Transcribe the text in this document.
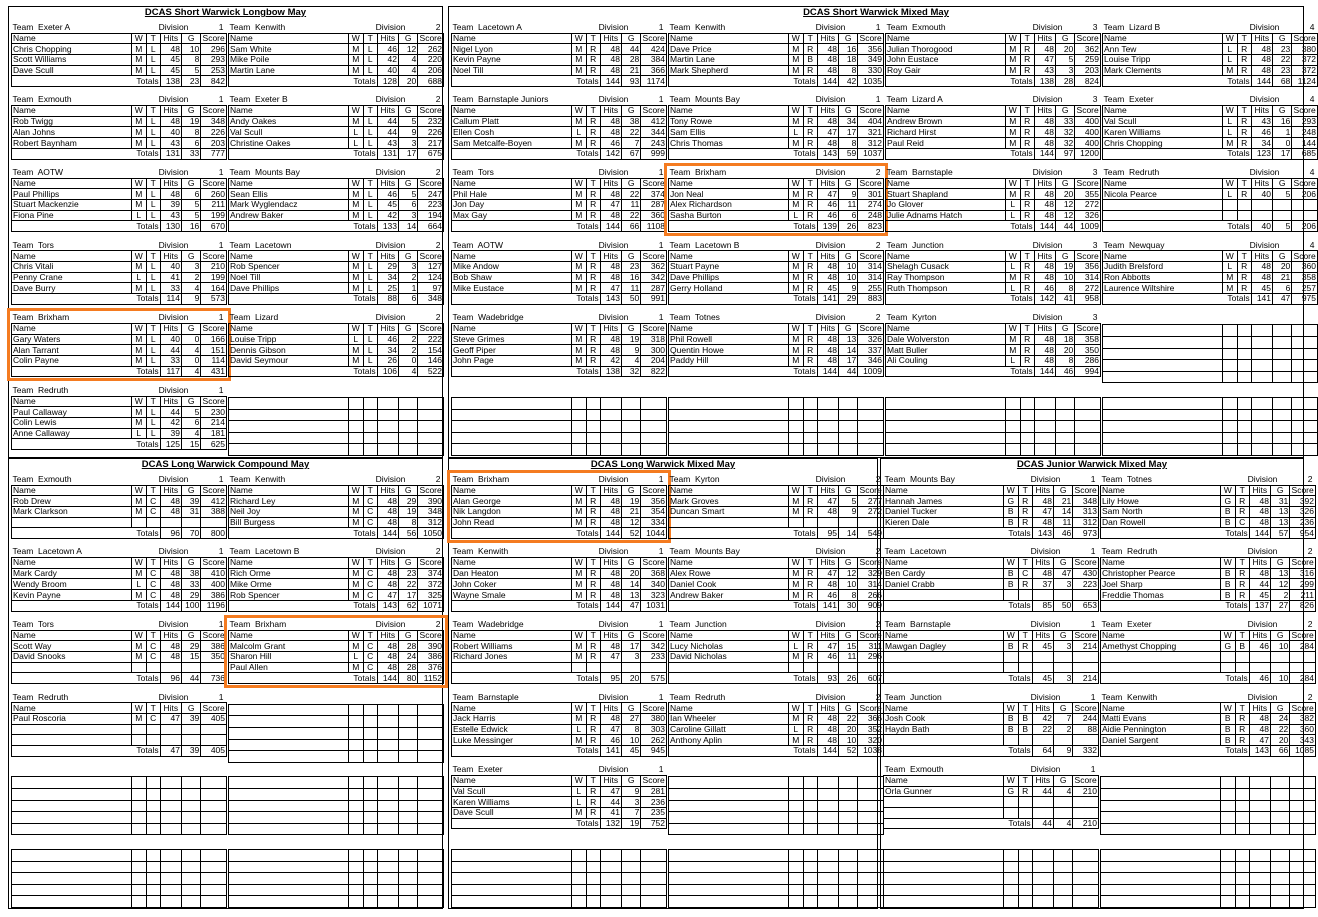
DCAS Short Warwick Longbow May
Team Exeter A		Division			1
Name	W	T	Hits	G	Score
Chris Chopping	M	L	48	10	296
Scott Williams	M	L	45	8	293
Dave Scull	M	L	45	5	253
Totals			138	23	842
Team Exmouth		Division			1
Name	W	T	Hits	G	Score
Rob Twigg	M	L	48	19	348
Alan Johns	M	L	40	8	226
Robert Baynham	M	L	43	6	203
Totals			131	33	777
Team AOTW		Division			1
Name	W	T	Hits	G	Score
Paul Phillips	M	L	48	6	260
Stuart Mackenzie	M	L	39	5	211
Fiona Pine	L	L	43	5	199
Totals			130	16	670
Team Tors		Division			1
Name	W	T	Hits	G	Score
Chris Vitali	M	L	40	3	210
Penny Crane	L	L	41	2	199
Dave Burry	M	L	33	4	164
Totals			114	9	573
Team Brixham		Division			1
Name	W	T	Hits	G	Score
Gary Waters	M	L	40	0	166
Alan Tarrant	M	L	44	4	151
Colin Payne	M	L	33	0	114
Totals			117	4	431
Team Redruth		Division			1
Name	W	T	Hits	G	Score
Paul Callaway	M	L	44	5	230
Colin Lewis	M	L	42	6	214
Anne Callaway	L	L	39	4	181
Totals			125	15	625
Team Kenwith		Division			2
Name	W	T	Hits	G	Score
Sam White	M	L	46	12	262
Mike Poile	M	L	42	4	220
Martin Lane	M	L	40	4	206
Totals			128	20	688
Team Exeter B		Division			2
Name	W	T	Hits	G	Score
Andy Oakes	M	L	44	5	232
Val Scull	L	L	44	9	226
Christine Oakes	L	L	43	3	217
Totals			131	17	675
Team Mounts Bay		Division			2
Name	W	T	Hits	G	Score
Sean Ellis	M	L	46	5	247
Mark Wyglendacz	M	L	45	6	223
Andrew Baker	M	L	42	3	194
Totals			133	14	664
Team Lacetown		Division			2
Name	W	T	Hits	G	Score
Rob Spencer	M	L	29	3	127
Noel Till	M	L	34	2	124
Dave Phillips	M	L	25	1	97
Totals			88	6	348
Team Lizard		Division			2
Name	W	T	Hits	G	Score
Louise Tripp	L	L	46	2	222
Dennis Gibson	M	L	34	2	154
David Seymour	M	L	26	0	146
Totals			106	4	522

DCAS Short Warwick Mixed May
Team Lacetown A		Division			1
Name	W	T	Hits	G	Score
Nigel Lyon	M	R	48	44	424
Kevin Payne	M	R	48	28	384
Noel Till	M	R	48	21	366
Totals			144	93	1174
Team Barnstaple Juniors		Division			1
Name	W	T	Hits	G	Score
Callum Platt	M	R	48	38	412
Ellen Cosh	L	R	48	22	344
Sam Metcalfe-Boyen	M	R	46	7	243
Totals			142	67	999
Team Tors		Division			1
Name	W	T	Hits	G	Score
Phil Hale	M	R	48	22	374
Jon Day	M	R	47	11	287
Max Gay	M	R	48	22	360
Totals			144	66	1108
Team AOTW		Division			1
Name	W	T	Hits	G	Score
Mike Andow	M	R	48	23	362
Bob Shaw	M	R	48	16	342
Mike Eustace	M	R	47	11	287
Totals			143	50	991
Team Wadebridge		Division			1
Name	W	T	Hits	G	Score
Steve Grimes	M	R	48	19	318
Geoff Piper	M	R	48	9	300
John Page	M	R	42	4	204
Totals			138	32	822

Team Kenwith		Division			1
Name	W	T	Hits	G	Score
Dave Price	M	R	48	16	356
Martin Lane	M	B	48	18	349
Mark Shepherd	M	R	48	8	330
Totals			144	42	1035
Team Mounts Bay		Division			1
Name	W	T	Hits	G	Score
Tony Rowe	M	R	48	34	404
Sam Ellis	L	R	47	17	321
Chris Thomas	M	R	48	8	312
Totals			143	59	1037
Team Brixham		Division			2
Name	W	T	Hits	G	Score
Jon Neal	M	R	47	9	301
Alex Richardson	M	R	46	11	274
Sasha Burton	L	R	46	6	248
Totals			139	26	823
Team Lacetown B		Division			2
Name	W	T	Hits	G	Score
Stuart Payne	M	R	48	10	314
Dave Phillips	M	R	48	10	314
Gerry Holland	M	R	45	9	255
Totals			141	29	883
Team Totnes		Division			2
Name	W	T	Hits	G	Score
Phil Rowell	M	R	48	13	326
Quentin Howe	M	R	48	14	337
Paddy Hill	M	R	48	17	346
Totals			144	44	1009

Team Exmouth		Division			3
Name	W	T	Hits	G	Score
Julian Thorogood	M	R	48	20	362
John Eustace	M	R	47	5	259
Roy Gair	M	R	43	3	203
Totals			138	28	824
Team Lizard A		Division			3
Name	W	T	Hits	G	Score
Andrew Brown	M	R	48	33	400
Richard Hirst	M	R	48	32	400
Paul Reid	M	R	48	32	400
Totals			144	97	1200
Team Barnstaple		Division			3
Name	W	T	Hits	G	Score
Stuart Shapland	M	R	48	20	355
Jo Glover	L	R	48	12	272
Julie Adnams Hatch	L	R	48	12	326
Totals			144	44	1009
Team Junction		Division			3
Name	W	T	Hits	G	Score
Shelagh Cusack	L	R	48	19	356
Ray Thompson	M	R	48	10	314
Ruth Thompson	L	R	46	8	272
Totals			142	41	958
Team Kyrton		Division			3
Name	W	T	Hits	G	Score
Dale Wolverston	M	R	48	18	358
Matt Buller	M	R	48	20	350
Ali Couling	L	R	48	8	286
Totals			144	46	994

Team Lizard B		Division			4
Name	W	T	Hits	G	Score
Ann Tew	L	R	48	23	380
Louise Tripp	L	R	48	22	372
Mark Clements	M	R	48	23	372
Totals			144	68	1124
Team Exeter		Division			4
Name	W	T	Hits	G	Score
Val Scull	L	R	43	16	293
Karen Williams	L	R	46	1	248
Chris Chopping	M	R	34	0	144
Totals			123	17	685
Team Redruth		Division			4
Name	W	T	Hits	G	Score
Nicola Pearce	L	R	40	5	206

Totals			40	5	206
Team Newquay		Division			4
Name	W	T	Hits	G	Score
Judith Brelsford	L	R	48	20	360
Ron Abbotts	M	R	48	21	358
Laurence Wiltshire	M	R	45	6	257
Totals			141	47	975

DCAS Long Warwick Compound May
Team Exmouth		Division			1
Name	W	T	Hits	G	Score
Rob Drew	M	C	48	39	412
Mark Clarkson	M	C	48	31	388

Totals			96	70	800
Team Lacetown A		Division			1
Name	W	T	Hits	G	Score
Mark Cardy	M	C	48	38	410
Wendy Broom	L	C	48	33	400
Kevin Payne	M	C	48	29	386
Totals			144	100	1196
Team Tors		Division			1
Name	W	T	Hits	G	Score
Scott Way	M	C	48	29	386
David Snooks	M	C	48	15	350

Totals			96	44	736
Team Redruth		Division			1
Name	W	T	Hits	G	Score
Paul Roscoria	M	C	47	39	405

Totals			47	39	405

Team Kenwith		Division			2
Name	W	T	Hits	G	Score
Richard Ley	M	C	48	29	390
Neil Joy	M	C	48	19	348
Bill Burgess	M	C	48	8	312
Totals			144	56	1050
Team Lacetown B		Division			2
Name	W	T	Hits	G	Score
Rich Orme	M	C	48	23	374
Mike Orme	M	C	48	22	372
Rob Spencer	M	C	47	17	325
Totals			143	62	1071
Team Brixham		Division			2
Name	W	T	Hits	G	Score
Malcolm Grant	M	C	48	28	390
Sharon Hill	L	C	48	24	386
Paul Allen	M	C	48	28	376
Totals			144	80	1152

DCAS Long Warwick Mixed May
Team Brixham		Division			1
Name	W	T	Hits	G	Score
Alan George	M	R	48	19	356
Nik Langdon	M	R	48	21	354
John Read	M	R	48	12	334
Totals			144	52	1044
Team Kenwith		Division			1
Name	W	T	Hits	G	Score
Dan Heaton	M	R	48	20	368
John Coker	M	R	48	14	340
Wayne Smale	M	R	48	13	323
Totals			144	47	1031
Team Wadebridge		Division			1
Name	W	T	Hits	G	Score
Robert Williams	M	R	48	17	342
Richard Jones	M	R	47	3	233

Totals			95	20	575
Team Barnstaple		Division			1
Name	W	T	Hits	G	Score
Jack Harris	M	R	48	27	380
Estelle Edwick	L	R	47	8	303
Luke Messinger	M	R	46	10	262
Totals			141	45	945
Team Exeter		Division			1
Name	W	T	Hits	G	Score
Val Scull	L	R	47	9	281
Karen Williams	L	R	44	3	236
Dave Scull	M	R	41	7	235
Totals			132	19	752

Team Kyrton		Division			2
Name	W	T	Hits	G	Score
Mark Groves	M	R	47	5	277
Duncan Smart	M	R	48	9	272

Totals			95	14	549
Team Mounts Bay		Division			2
Name	W	T	Hits	G	Score
Alex Rowe	M	R	47	12	329
Daniel Cook	M	R	48	10	314
Andrew Baker	M	R	46	8	266
Totals			141	30	909
Team Junction		Division			2
Name	W	T	Hits	G	Score
Lucy Nicholas	L	R	47	15	311
David Nicholas	M	R	46	11	296

Totals			93	26	607
Team Redruth		Division			2
Name	W	T	Hits	G	Score
Ian Wheeler	M	R	48	22	366
Caroline Gillatt	L	R	48	20	352
Anthony Aplin	M	R	48	10	320
Totals			144	52	1038

DCAS Junior Warwick Mixed May
Team Mounts Bay		Division			1
Name	W	T	Hits	G	Score
Hannah James	G	R	48	21	348
Daniel Tucker	B	R	47	14	313
Kieren Dale	B	R	48	11	312
Totals			143	46	973
Team Lacetown		Division			1
Name	W	T	Hits	G	Score
Ben Cardy	B	C	48	47	430
Daniel Crabb	B	R	37	3	223

Totals			85	50	653
Team Barnstaple		Division			1
Name	W	T	Hits	G	Score
Mawgan Dagley	B	R	45	3	214

Totals			45	3	214
Team Junction		Division			1
Name	W	T	Hits	G	Score
Josh Cook	B	B	42	7	244
Haydn Bath	B	B	22	2	88

Totals			64	9	332
Team Exmouth		Division			1
Name	W	T	Hits	G	Score
Orla Gunner	G	R	44	4	210

Totals			44	4	210

Team Totnes		Division			2
Name	W	T	Hits	G	Score
Lily Howe	G	R	48	31	392
Sam North	B	R	48	13	326
Dan Rowell	B	C	48	13	236
Totals			144	57	954
Team Redruth		Division			2
Name	W	T	Hits	G	Score
Christopher Pearce	B	R	48	13	316
Joel Sharp	B	R	44	12	299
Freddie Thomas	B	R	45	2	211
Totals			137	27	826
Team Exeter		Division			2
Name	W	T	Hits	G	Score
Amethyst Chopping	G	B	46	10	284

Totals			46	10	284
Team Kenwith		Division			2
Name	W	T	Hits	G	Score
Matti Evans	B	R	48	24	382
Aidie Pennington	B	R	48	22	360
Daniel Sargent	B	R	47	20	343
Totals			143	66	1085
